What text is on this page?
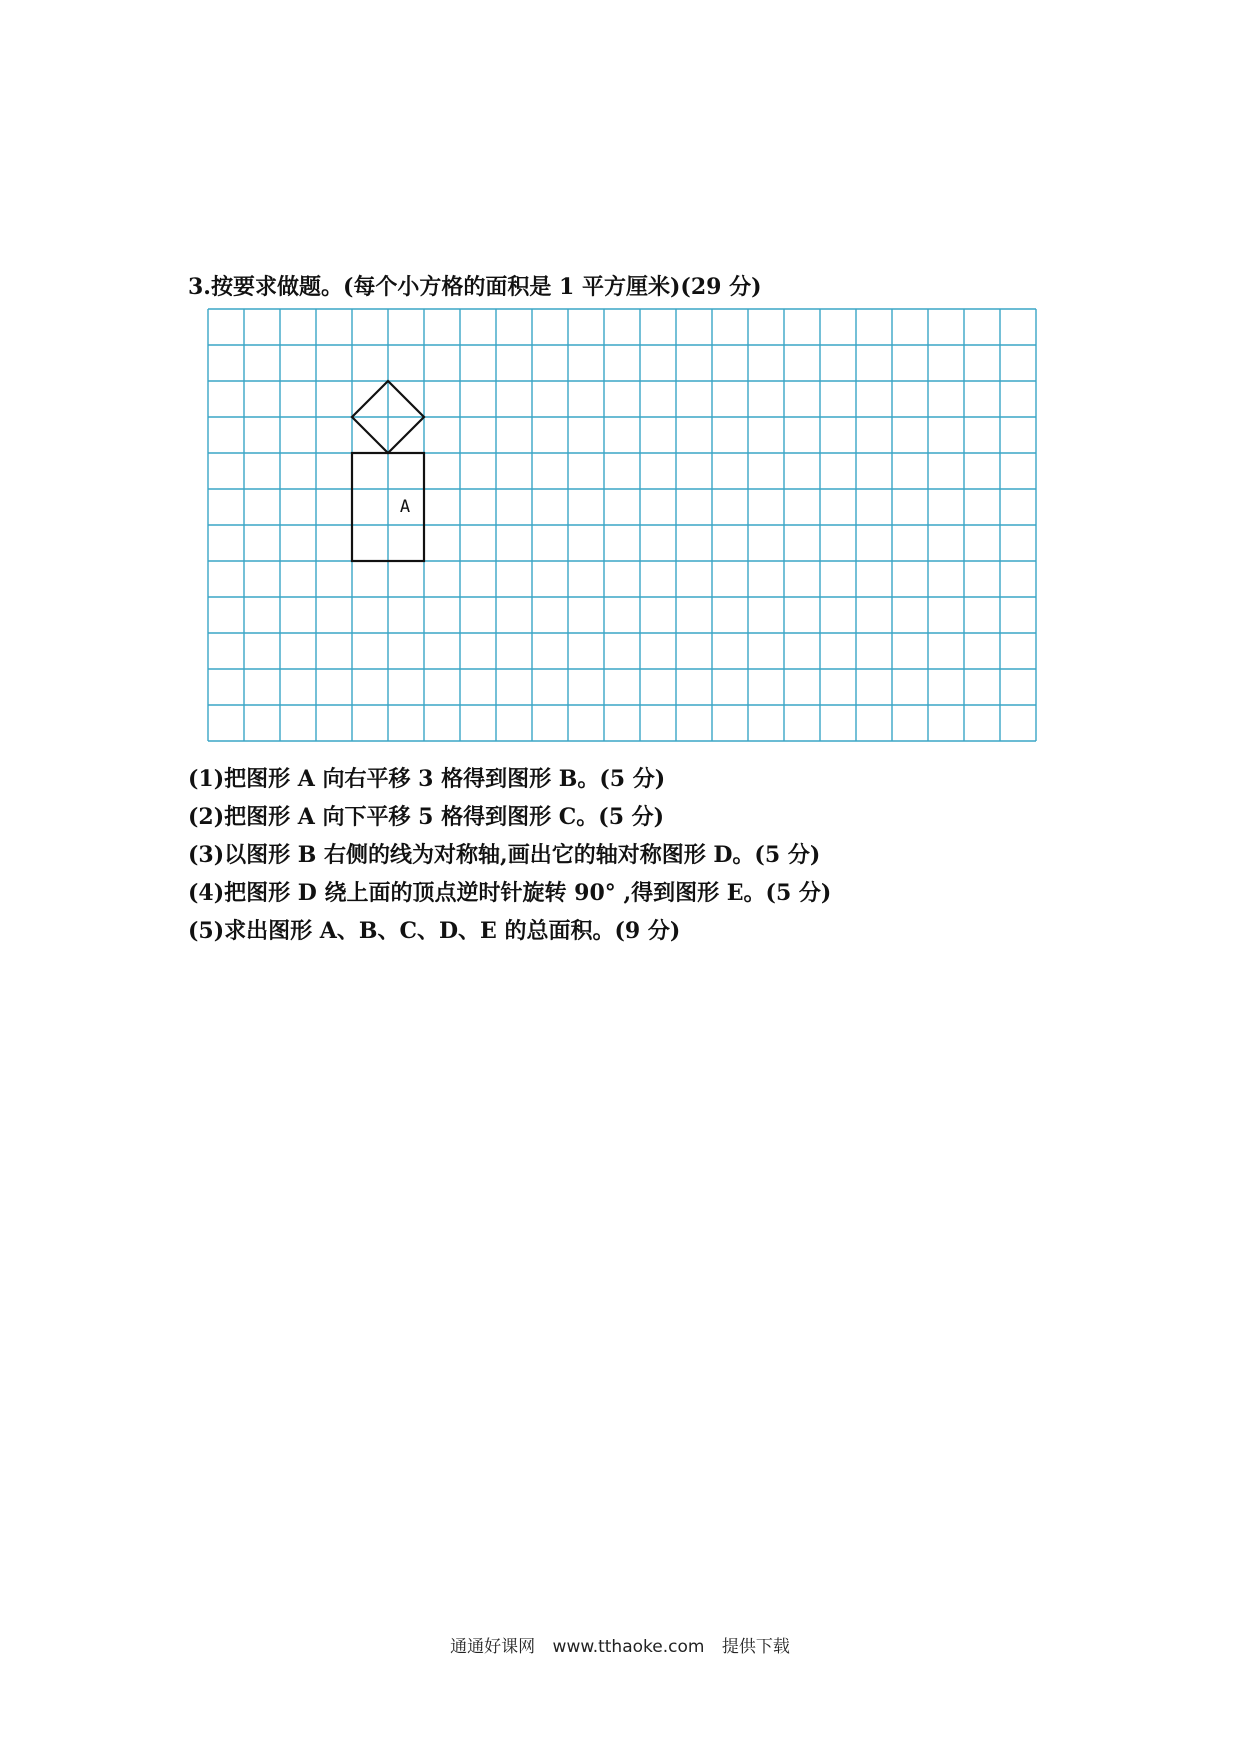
3.按要求做题。(每个小方格的面积是 1 平方厘米)(29 分)
A
(1)把图形 A 向右平移 3 格得到图形 B。(5 分)
(2)把图形 A 向下平移 5 格得到图形 C。(5 分)
(3)以图形 B 右侧的线为对称轴,画出它的轴对称图形 D。(5 分)
(4)把图形 D 绕上面的顶点逆时针旋转 90° ,得到图形 E。(5 分)
(5)求出图形 A、B、C、D、E 的总面积。(9 分)
通通好课网 www.tthaoke.com 提供下载
